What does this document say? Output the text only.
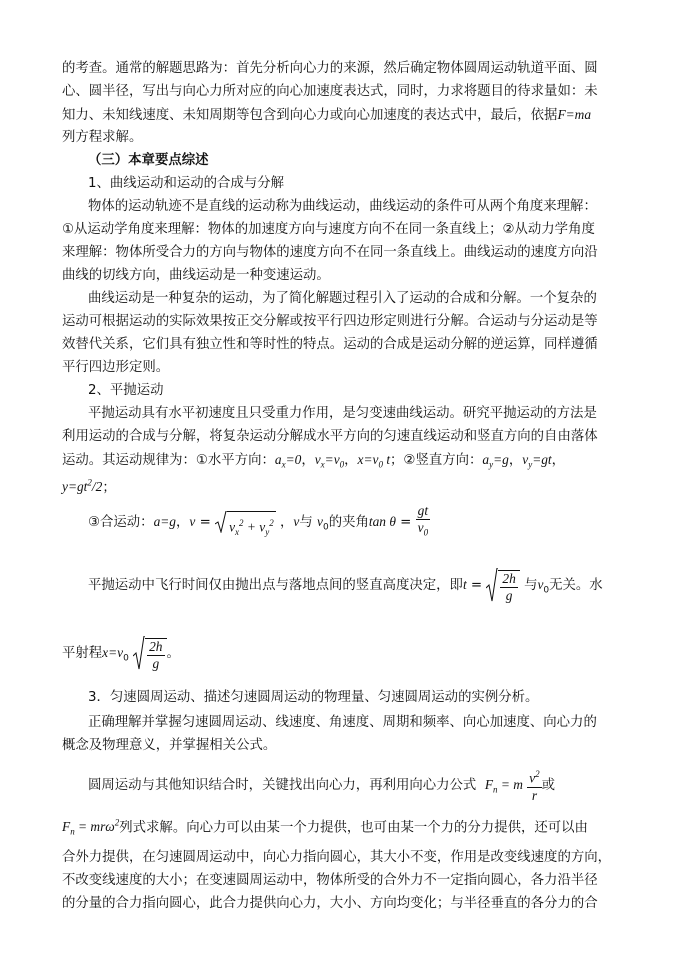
的考查。通常的解题思路为：首先分析向心力的来源，然后确定物体圆周运动轨道平面、圆
心、圆半径，写出与向心力所对应的向心加速度表达式，同时，力求将题目的待求量如：未
知力、未知线速度、未知周期等包含到向心力或向心加速度的表达式中，最后，依据F=ma
列方程求解。
（三）本章要点综述
1、曲线运动和运动的合成与分解
物体的运动轨迹不是直线的运动称为曲线运动，曲线运动的条件可从两个角度来理解：
①从运动学角度来理解：物体的加速度方向与速度方向不在同一条直线上；②从动力学角度
来理解：物体所受合力的方向与物体的速度方向不在同一条直线上。曲线运动的速度方向沿
曲线的切线方向，曲线运动是一种变速运动。
曲线运动是一种复杂的运动，为了简化解题过程引入了运动的合成和分解。一个复杂的
运动可根据运动的实际效果按正交分解或按平行四边形定则进行分解。合运动与分运动是等
效替代关系，它们具有独立性和等时性的特点。运动的合成是运动分解的逆运算，同样遵循
平行四边形定则。
2、平抛运动
平抛运动具有水平初速度且只受重力作用，是匀变速曲线运动。研究平抛运动的方法是
利用运动的合成与分解，将复杂运动分解成水平方向的匀速直线运动和竖直方向的自由落体
运动。其运动规律为：①水平方向：$a_x=0$，$v_x=v_0$，$x=v_0$ t；②竖直方向：$a_y=g$，$v_y=gt$，
$y=gt^2/2$；
③合运动：a=g，v =
$v_x^2 + v_y^2$ ，v与 $v_0$的夹角$\tan \theta = \frac{gt}{v_0}$
平抛运动中飞行时间仅由抛出点与落地点间的竖直高度决定，即$t = \frac{2h}{g}$ 与$v_0$无关。水
平射程$x=v_0 \frac{2h}{g}$ 。
3．匀速圆周运动、描述匀速圆周运动的物理量、匀速圆周运动的实例分析。
正确理解并掌握匀速圆周运动、线速度、角速度、周期和频率、向心加速度、向心力的
概念及物理意义，并掌握相关公式。
圆周运动与其他知识结合时，关键找出向心力，再利用向心力公式 $F_n = m \frac{v^2}{r}$ 或
$F_n = mr\omega^2$列式求解。向心力可以由某一个力提供，也可由某一个力的分力提供，还可以由
合外力提供，在匀速圆周运动中，向心力指向圆心，其大小不变，作用是改变线速度的方向，
不改变线速度的大小；在变速圆周运动中，物体所受的合外力不一定指向圆心，各力沿半径
的分量的合力指向圆心，此合力提供向心力，大小、方向均变化；与半径垂直的各分力的合
